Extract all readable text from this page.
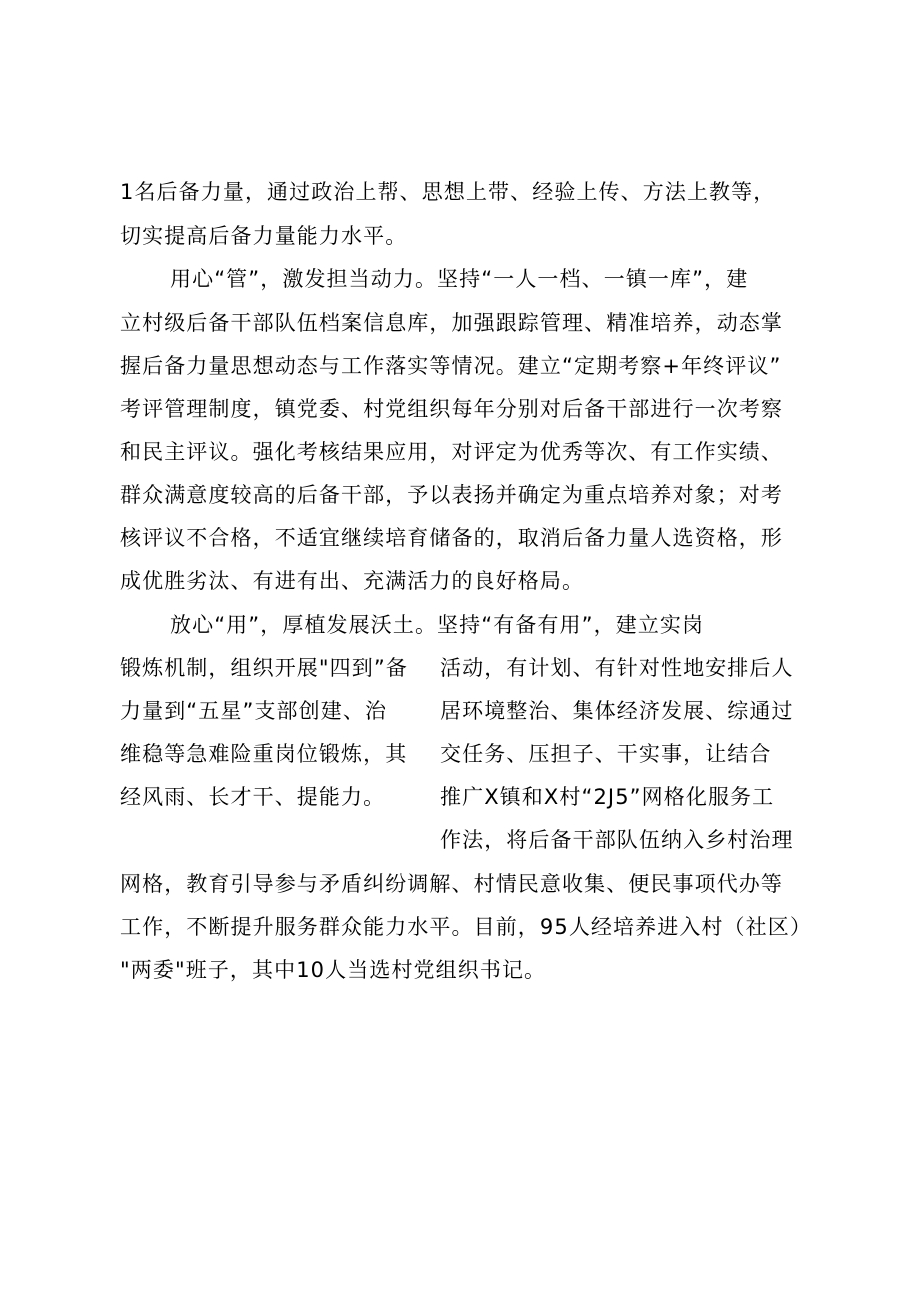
1名后备力量，通过政治上帮、思想上带、经验上传、方法上教等，
切实提高后备力量能力水平。
用心“管”，激发担当动力。坚持“一人一档、一镇一库”，建
立村级后备干部队伍档案信息库，加强跟踪管理、精准培养，动态掌
握后备力量思想动态与工作落实等情况。建立“定期考察+年终评议”
考评管理制度，镇党委、村党组织每年分别对后备干部进行一次考察
和民主评议。强化考核结果应用，对评定为优秀等次、有工作实绩、
群众满意度较高的后备干部，予以表扬并确定为重点培养对象；对考
核评议不合格，不适宜继续培育储备的，取消后备力量人选资格，形
成优胜劣汰、有进有出、充满活力的良好格局。
放心“用”，厚植发展沃土。坚持“有备有用”，建立实岗
锻炼机制，组织开展"四到”备 活动，有计划、有针对性地安排后人
力量到“五星”支部创建、治	居环境整治、集体经济发展、综通过
维稳等急难险重岗位锻炼，其 交任务、压担子、干实事，让结合
经风雨、长才干、提能力。	推广X镇和X村“2J5”网格化服务工
作法，将后备干部队伍纳入乡村治理
网格，教育引导参与矛盾纠纷调解、村情民意收集、便民事项代办等
工作，不断提升服务群众能力水平。目前，95人经培养进入村（社区）
"两委"班子，其中10人当选村党组织书记。
